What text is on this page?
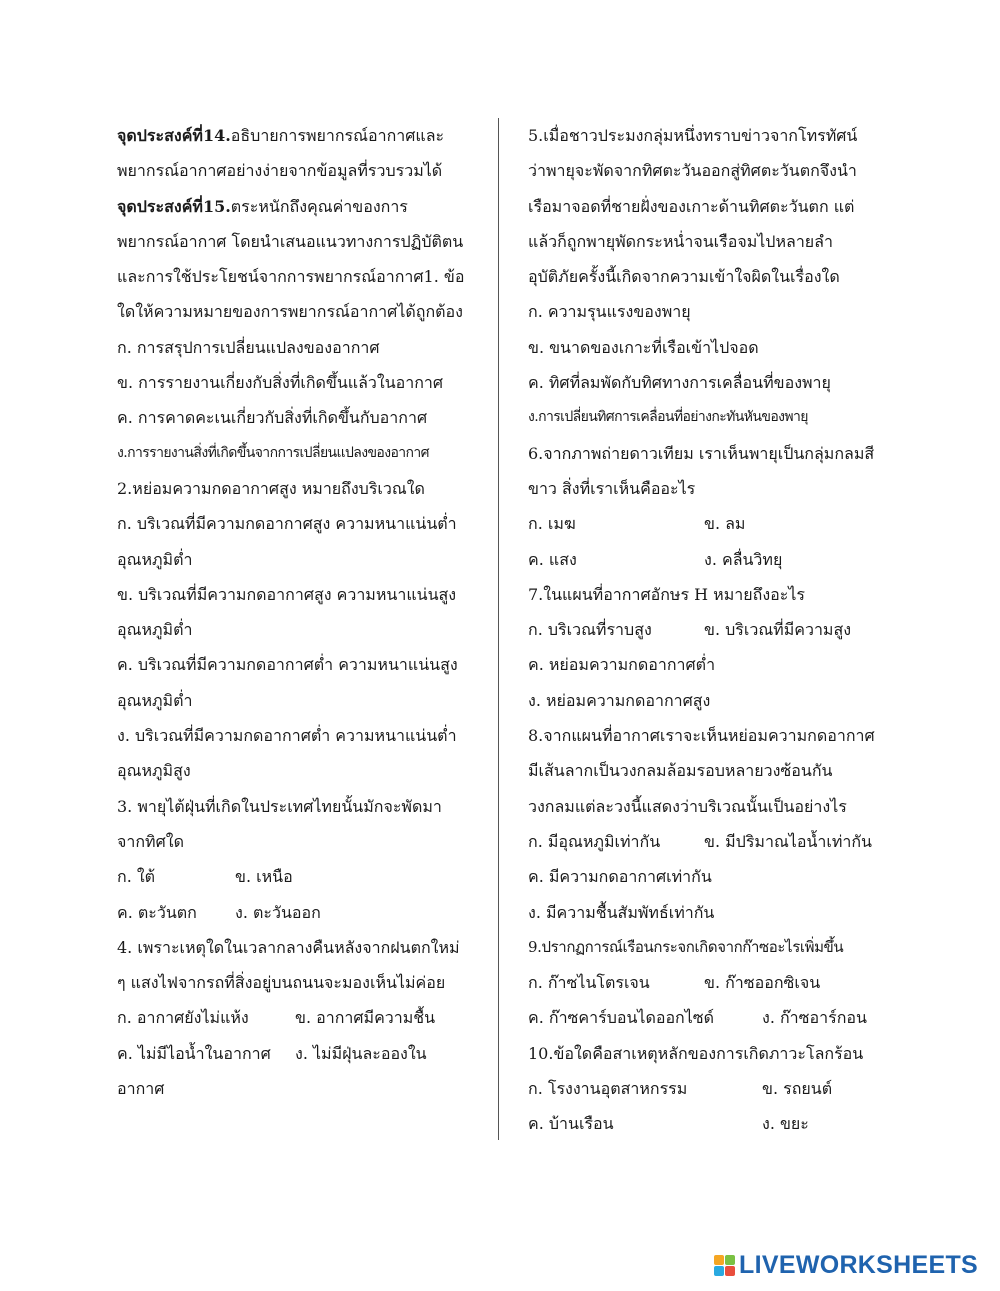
จุดประสงค์ที่14.อธิบายการพยากรณ์อากาศและ
พยากรณ์อากาศอย่างง่ายจากข้อมูลที่รวบรวมได้
จุดประสงค์ที่15.ตระหนักถึงคุณค่าของการ
พยากรณ์อากาศ โดยนำเสนอแนวทางการปฏิบัติตน
และการใช้ประโยชน์จากการพยากรณ์อากาศ1. ข้อ
ใดให้ความหมายของการพยากรณ์อากาศได้ถูกต้อง
ก. การสรุปการเปลี่ยนแปลงของอากาศ
ข. การรายงานเกี่ยงกับสิ่งที่เกิดขึ้นแล้วในอากาศ
ค. การคาดคะเนเกี่ยวกับสิ่งที่เกิดขึ้นกับอากาศ
ง.การรายงานสิ่งที่เกิดขึ้นจากการเปลี่ยนแปลงของอากาศ
2.หย่อมความกดอากาศสูง หมายถึงบริเวณใด
ก. บริเวณที่มีความกดอากาศสูง ความหนาแน่นต่ำ
อุณหภูมิต่ำ
ข. บริเวณที่มีความกดอากาศสูง ความหนาแน่นสูง
อุณหภูมิต่ำ
ค. บริเวณที่มีความกดอากาศต่ำ ความหนาแน่นสูง
อุณหภูมิต่ำ
ง. บริเวณที่มีความกดอากาศต่ำ ความหนาแน่นต่ำ
อุณหภูมิสูง
3. พายุไต้ฝุ่นที่เกิดในประเทศไทยนั้นมักจะพัดมา
จากทิศใด
ก. ใต้	ข. เหนือ
ค. ตะวันตก ง. ตะวันออก
4. เพราะเหตุใดในเวลากลางคืนหลังจากฝนตกใหม่
ๆ แสงไฟจากรถที่สิ่งอยู่บนถนนจะมองเห็นไม่ค่อย
ก. อากาศยังไม่แห้ง	ข. อากาศมีความชื้น
ค. ไม่มีไอน้ำในอากาศ ง. ไม่มีฝุ่นละอองใน
อากาศ
5.เมื่อชาวประมงกลุ่มหนึ่งทราบข่าวจากโทรทัศน์
ว่าพายุจะพัดจากทิศตะวันออกสู่ทิศตะวันตกจึงนำ
เรือมาจอดที่ชายฝั่งของเกาะด้านทิศตะวันตก แต่
แล้วก็ถูกพายุพัดกระหน่ำจนเรือจมไปหลายลำ
อุบัติภัยครั้งนี้เกิดจากความเข้าใจผิดในเรื่องใด
ก. ความรุนแรงของพายุ
ข. ขนาดของเกาะที่เรือเข้าไปจอด
ค. ทิศที่ลมพัดกับทิศทางการเคลื่อนที่ของพายุ
ง.การเปลี่ยนทิศการเคลื่อนที่อย่างกะทันหันของพายุ
6.จากภาพถ่ายดาวเทียม เราเห็นพายุเป็นกลุ่มกลมสี
ขาว สิ่งที่เราเห็นคืออะไร
ก. เมฆ	ข. ลม
ค. แสง	ง. คลื่นวิทยุ
7.ในแผนที่อากาศอักษร H หมายถึงอะไร
ก. บริเวณที่ราบสูง	ข. บริเวณที่มีความสูง
ค. หย่อมความกดอากาศต่ำ
ง. หย่อมความกดอากาศสูง
8.จากแผนที่อากาศเราจะเห็นหย่อมความกดอากาศ
มีเส้นลากเป็นวงกลมล้อมรอบหลายวงซ้อนกัน
วงกลมแต่ละวงนี้แสดงว่าบริเวณนั้นเป็นอย่างไร
ก. มีอุณหภูมิเท่ากัน	ข. มีปริมาณไอน้ำเท่ากัน
ค. มีความกดอากาศเท่ากัน
ง. มีความชื้นสัมพัทธ์เท่ากัน
9.ปรากฏการณ์เรือนกระจกเกิดจากก๊าซอะไรเพิ่มขึ้น
ก. ก๊าซไนโตรเจน	ข. ก๊าซออกซิเจน
ค. ก๊าซคาร์บอนไดออกไซด์	ง. ก๊าซอาร์กอน
10.ข้อใดคือสาเหตุหลักของการเกิดภาวะโลกร้อน
ก. โรงงานอุตสาหกรรม	ข. รถยนต์
ค. บ้านเรือน	ง. ขยะ
LIVEWORKSHEETS
